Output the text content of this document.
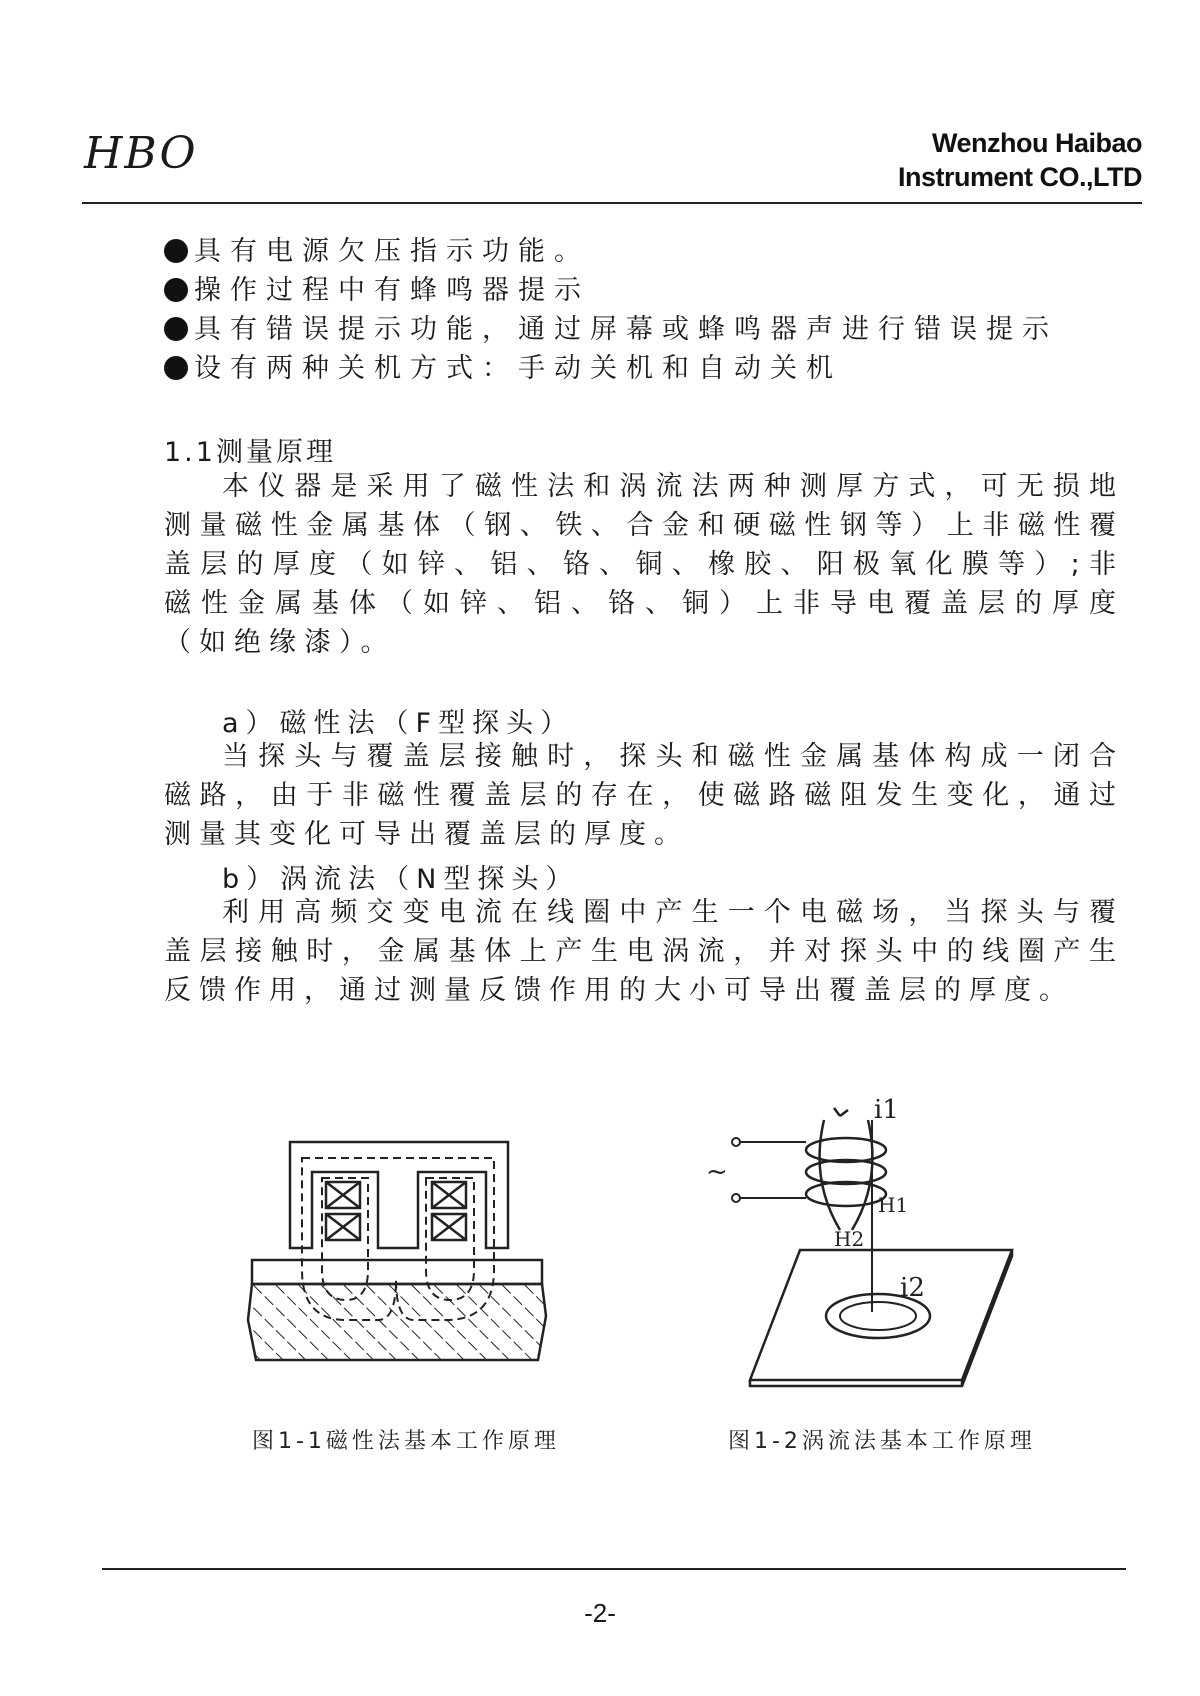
HBO	Wenzhou Haibao
Instrument CO.,LTD
具有电源欠压指示功能。
操作过程中有蜂鸣器提示
具有错误提示功能，通过屏幕或蜂鸣器声进行错误提示
设有两种关机方式：手动关机和自动关机
1.1测量原理

本仪器是采用了磁性法和涡流法两种测厚方式，可无损地测量磁性金属基体（钢、铁、合金和硬磁性钢等）上非磁性覆盖层的厚度（如锌、铝、铬、铜、橡胶、阳极氧化膜等）;非磁性金属基体（如锌、铝、铬、铜）上非导电覆盖层的厚度（如绝缘漆）。

a）磁性法（F型探头）

当探头与覆盖层接触时，探头和磁性金属基体构成一闭合磁路，由于非磁性覆盖层的存在，使磁路磁阻发生变化，通过测量其变化可导出覆盖层的厚度。

b）涡流法（N型探头）

利用高频交变电流在线圈中产生一个电磁场，当探头与覆盖层接触时，金属基体上产生电涡流，并对探头中的线圈产生反馈作用，通过测量反馈作用的大小可导出覆盖层的厚度。

~
i1
H1
H2
i2
图1-1磁性法基本工作原理	图1-2涡流法基本工作原理
-2-
